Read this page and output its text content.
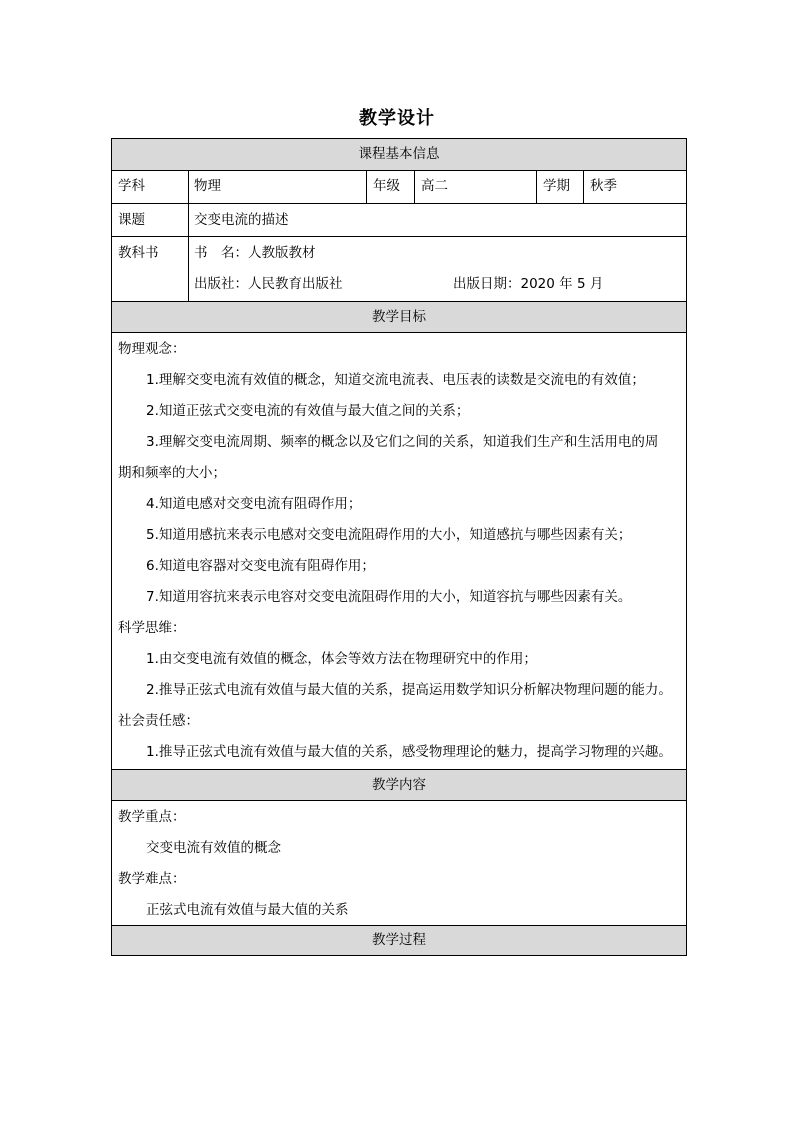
教学设计
课程基本信息
学科	物理	年级 高二	学期 秋季
课题	交变电流的描述
教科书	书　名：人教版教材
出版社：人民教育出版社	出版日期：2020 年 5 月
教学目标
物理观念：
1.理解交变电流有效值的概念，知道交流电流表、电压表的读数是交流电的有效值；
2.知道正弦式交变电流的有效值与最大值之间的关系；
3.理解交变电流周期、频率的概念以及它们之间的关系，知道我们生产和生活用电的周
期和频率的大小；
4.知道电感对交变电流有阻碍作用；
5.知道用感抗来表示电感对交变电流阻碍作用的大小，知道感抗与哪些因素有关；
6.知道电容器对交变电流有阻碍作用；
7.知道用容抗来表示电容对交变电流阻碍作用的大小，知道容抗与哪些因素有关。
科学思维：
1.由交变电流有效值的概念，体会等效方法在物理研究中的作用；
2.推导正弦式电流有效值与最大值的关系，提高运用数学知识分析解决物理问题的能力。
社会责任感：
1.推导正弦式电流有效值与最大值的关系，感受物理理论的魅力，提高学习物理的兴趣。
教学内容
教学重点：
交变电流有效值的概念
教学难点：
正弦式电流有效值与最大值的关系
教学过程
